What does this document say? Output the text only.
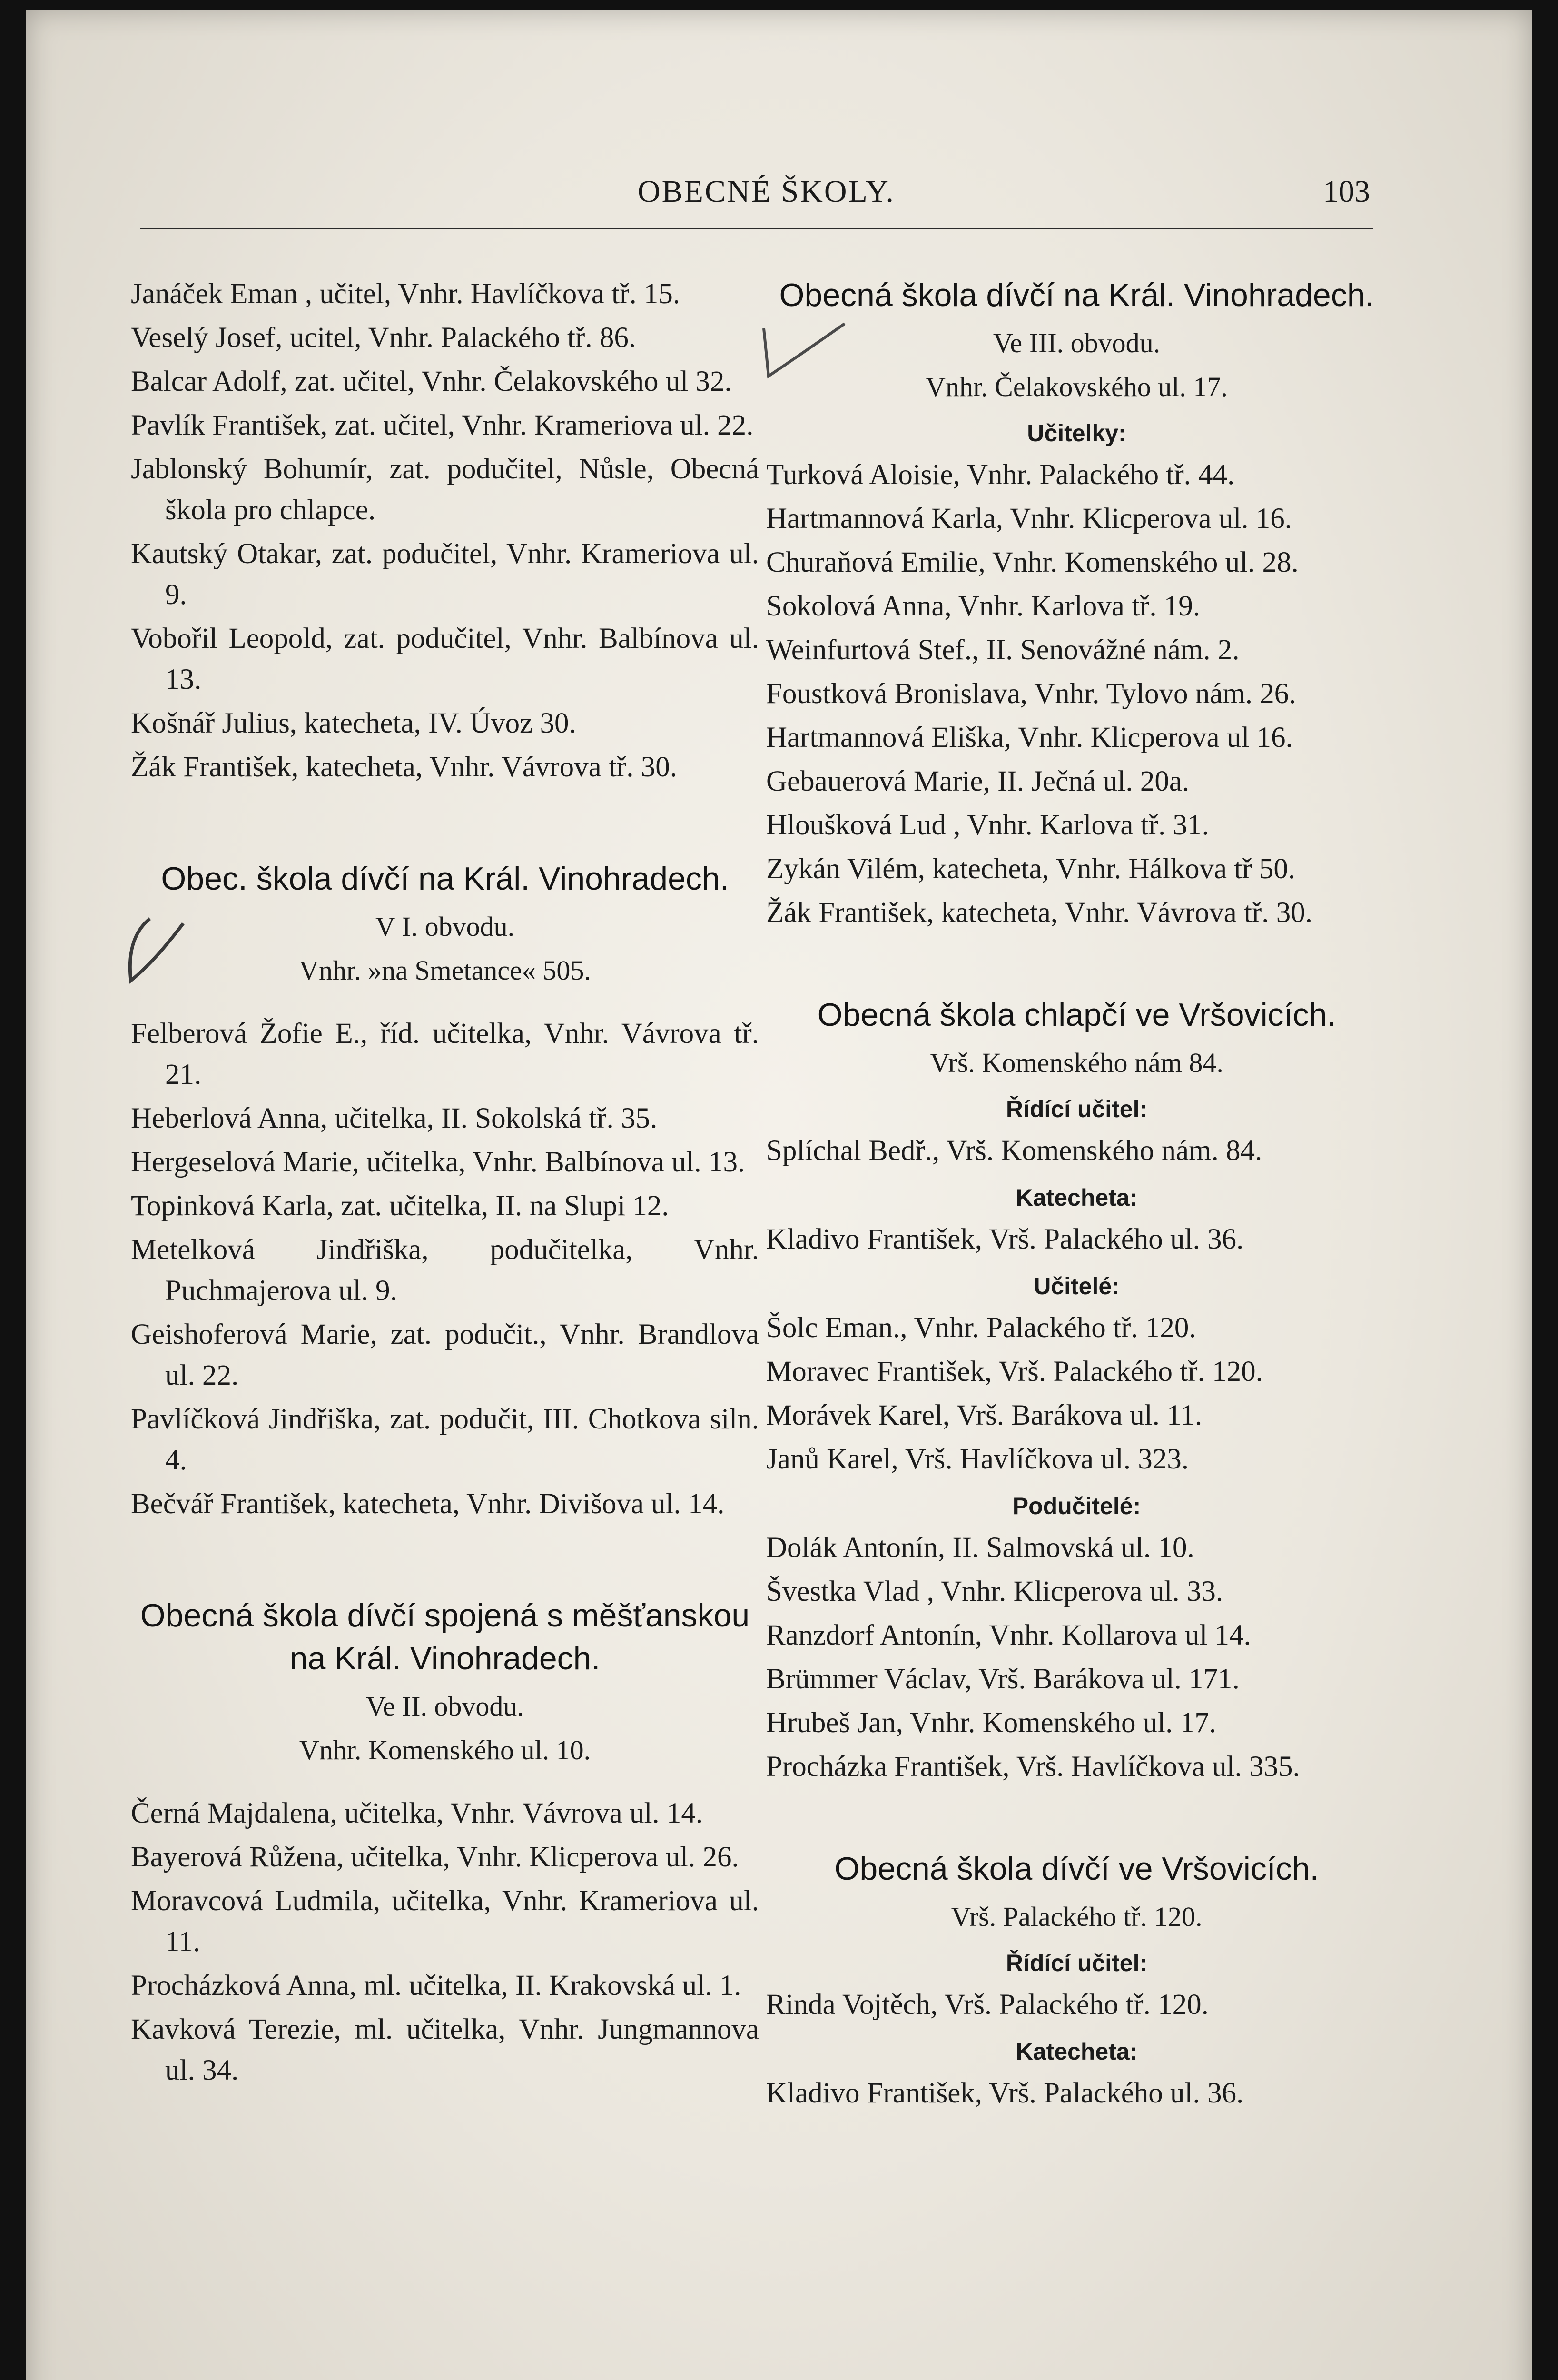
OBECNÉ ŠKOLY.	103

Janáček Eman , učitel, Vnhr. Havlíčkova tř. 15.

Veselý Josef, ucitel, Vnhr. Palackého tř. 86.

Balcar Adolf, zat. učitel, Vnhr. Čelakovského ul 32.

Pavlík František, zat. učitel, Vnhr. Krameriova ul. 22.

Jablonský Bohumír, zat. podučitel, Nůsle, Obecná škola pro chlapce.

Kautský Otakar, zat. podučitel, Vnhr. Krameriova ul. 9.

Vobořil Leopold, zat. podučitel, Vnhr. Balbínova ul. 13.

Košnář Julius, katecheta, IV. Úvoz 30.

Žák František, katecheta, Vnhr. Vávrova tř. 30.

Obec. škola dívčí na Král. Vinohradech.
V I. obvodu.
Vnhr. »na Smetance« 505.

Felberová Žofie E., říd. učitelka, Vnhr. Vávrova tř. 21.

Heberlová Anna, učitelka, II. Sokolská tř. 35.

Hergeselová Marie, učitelka, Vnhr. Balbínova ul. 13.

Topinková Karla, zat. učitelka, II. na Slupi 12.

Metelková Jindřiška, podučitelka, Vnhr. Puchmajerova ul. 9.

Geishoferová Marie, zat. podučit., Vnhr. Brandlova ul. 22.

Pavlíčková Jindřiška, zat. podučit, III. Chotkova siln. 4.

Bečvář František, katecheta, Vnhr. Divišova ul. 14.

Obecná škola dívčí spojená s měšťanskou na Král. Vinohradech.
Ve II. obvodu.
Vnhr. Komenského ul. 10.

Černá Majdalena, učitelka, Vnhr. Vávrova ul. 14.

Bayerová Růžena, učitelka, Vnhr. Klicperova ul. 26.

Moravcová Ludmila, učitelka, Vnhr. Krameriova ul. 11.

Procházková Anna, ml. učitelka, II. Krakovská ul. 1.

Kavková Terezie, ml. učitelka, Vnhr. Jungmannova ul. 34.

Obecná škola dívčí na Král. Vinohradech.
Ve III. obvodu.
Vnhr. Čelakovského ul. 17.
Učitelky:

Turková Aloisie, Vnhr. Palackého tř. 44.

Hartmannová Karla, Vnhr. Klicperova ul. 16.

Churaňová Emilie, Vnhr. Komenského ul. 28.

Sokolová Anna, Vnhr. Karlova tř. 19.

Weinfurtová Stef., II. Senovážné nám. 2.

Foustková Bronislava, Vnhr. Tylovo nám. 26.

Hartmannová Eliška, Vnhr. Klicperova ul 16.

Gebauerová Marie, II. Ječná ul. 20a.

Hloušková Lud , Vnhr. Karlova tř. 31.

Zykán Vilém, katecheta, Vnhr. Hálkova tř 50.

Žák František, katecheta, Vnhr. Vávrova tř. 30.

Obecná škola chlapčí ve Vršovicích.
Vrš. Komenského nám 84.
Řídící učitel:

Splíchal Bedř., Vrš. Komenského nám. 84.

Katecheta:

Kladivo František, Vrš. Palackého ul. 36.

Učitelé:

Šolc Eman., Vnhr. Palackého tř. 120.

Moravec František, Vrš. Palackého tř. 120.

Morávek Karel, Vrš. Barákova ul. 11.

Janů Karel, Vrš. Havlíčkova ul. 323.

Podučitelé:

Dolák Antonín, II. Salmovská ul. 10.

Švestka Vlad , Vnhr. Klicperova ul. 33.

Ranzdorf Antonín, Vnhr. Kollarova ul 14.

Brümmer Václav, Vrš. Barákova ul. 171.

Hrubeš Jan, Vnhr. Komenského ul. 17.

Procházka František, Vrš. Havlíčkova ul. 335.

Obecná škola dívčí ve Vršovicích.
Vrš. Palackého tř. 120.
Řídící učitel:

Rinda Vojtěch, Vrš. Palackého tř. 120.

Katecheta:

Kladivo František, Vrš. Palackého ul. 36.
